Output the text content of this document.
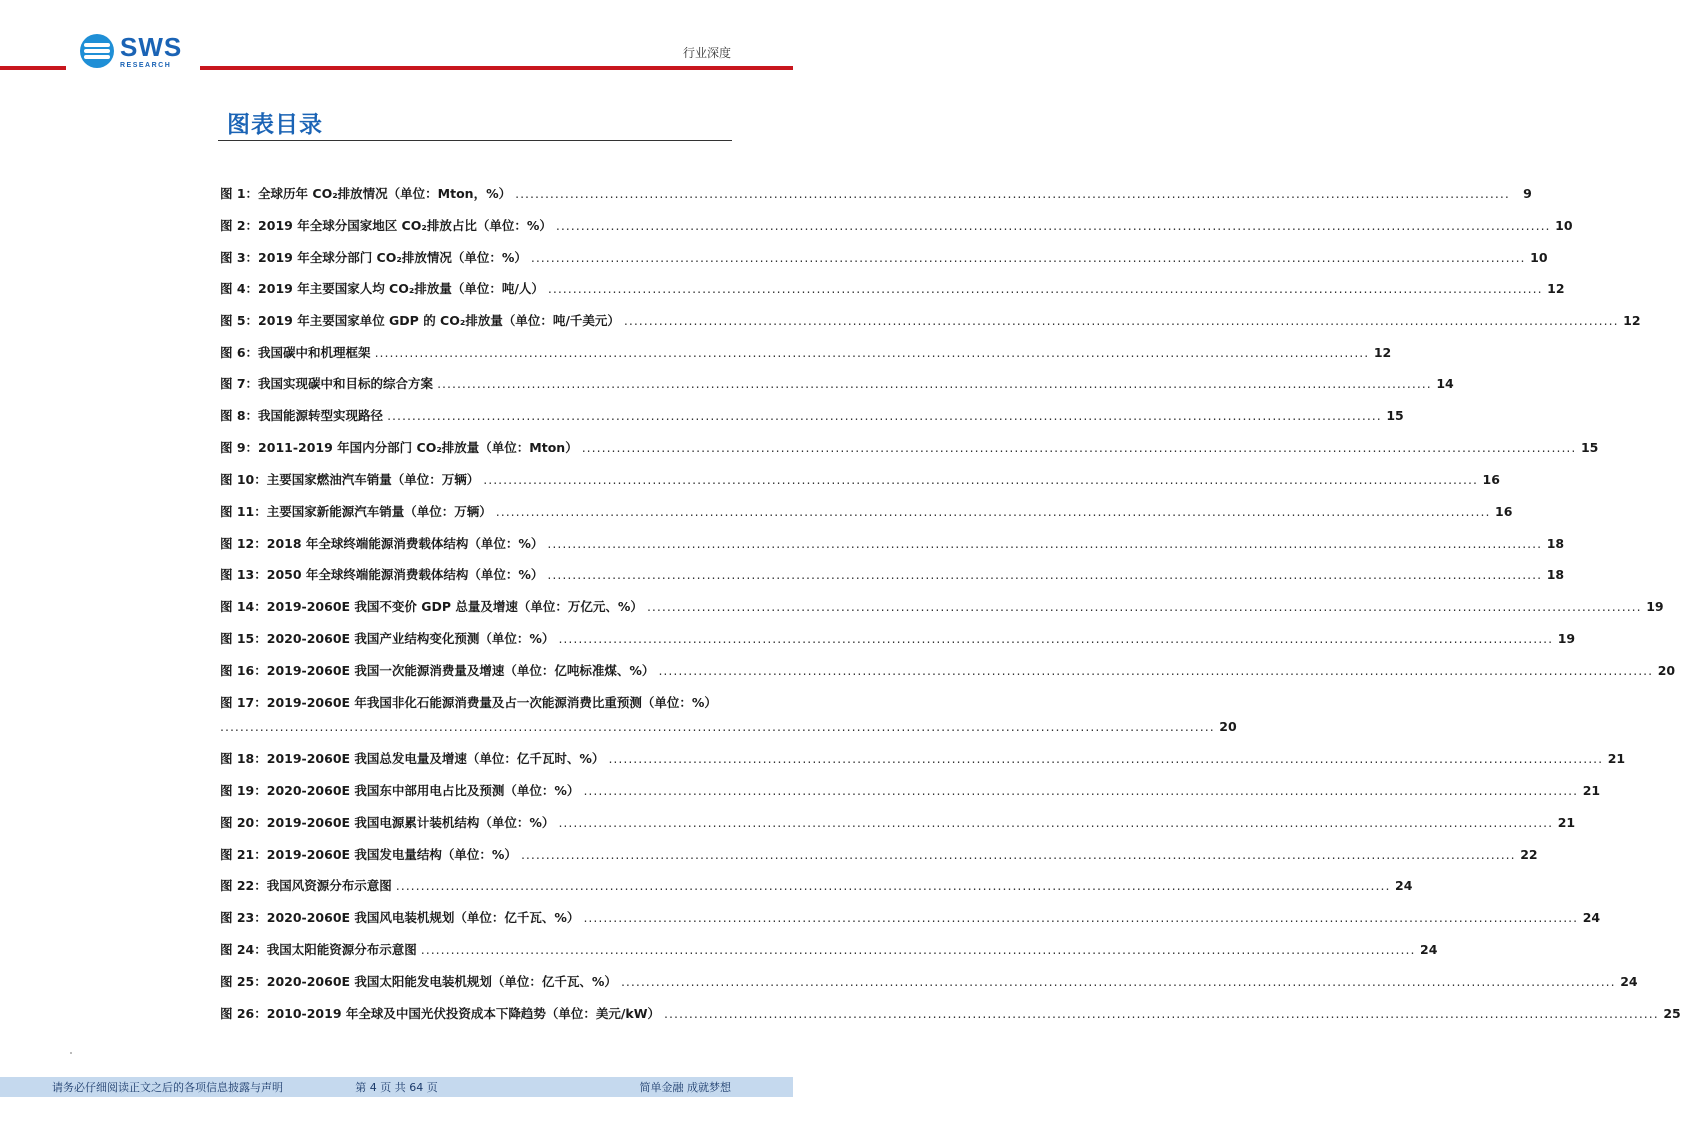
SWS
RESEARCH
行业深度
图表目录
图 1：全球历年 CO₂排放情况（单位：Mton，%） ........................................................................................................................................................................................................	9
图 2：2019 年全球分国家地区 CO₂排放占比（单位：%） ........................................................................................................................................................................................................ 10
图 3：2019 年全球分部门 CO₂排放情况（单位：%） ........................................................................................................................................................................................................ 10
图 4：2019 年主要国家人均 CO₂排放量（单位：吨/人） ........................................................................................................................................................................................................ 12
图 5：2019 年主要国家单位 GDP 的 CO₂排放量（单位：吨/千美元） ........................................................................................................................................................................................................ 12
图 6：我国碳中和机理框架 ........................................................................................................................................................................................................ 12
图 7：我国实现碳中和目标的综合方案 ........................................................................................................................................................................................................ 14
图 8：我国能源转型实现路径 ........................................................................................................................................................................................................ 15
图 9：2011-2019 年国内分部门 CO₂排放量（单位：Mton） ........................................................................................................................................................................................................ 15
图 10：主要国家燃油汽车销量（单位：万辆） ........................................................................................................................................................................................................ 16
图 11：主要国家新能源汽车销量（单位：万辆） ........................................................................................................................................................................................................ 16
图 12：2018 年全球终端能源消费载体结构（单位：%） ........................................................................................................................................................................................................ 18
图 13：2050 年全球终端能源消费载体结构（单位：%） ........................................................................................................................................................................................................ 18
图 14：2019-2060E 我国不变价 GDP 总量及增速（单位：万亿元、%） ........................................................................................................................................................................................................ 19
图 15：2020-2060E 我国产业结构变化预测（单位：%） ........................................................................................................................................................................................................ 19
图 16：2019-2060E 我国一次能源消费量及增速（单位：亿吨标准煤、%） ........................................................................................................................................................................................................ 20
图 17：2019-2060E 年我国非化石能源消费量及占一次能源消费比重预测（单位：%）
........................................................................................................................................................................................................ 20
图 18：2019-2060E 我国总发电量及增速（单位：亿千瓦时、%） ........................................................................................................................................................................................................ 21
图 19：2020-2060E 我国东中部用电占比及预测（单位：%） ........................................................................................................................................................................................................ 21
图 20：2019-2060E 我国电源累计装机结构（单位：%） ........................................................................................................................................................................................................ 21
图 21：2019-2060E 我国发电量结构（单位：%） ........................................................................................................................................................................................................ 22
图 22：我国风资源分布示意图 ........................................................................................................................................................................................................ 24
图 23：2020-2060E 我国风电装机规划（单位：亿千瓦、%） ........................................................................................................................................................................................................ 24
图 24：我国太阳能资源分布示意图 ........................................................................................................................................................................................................ 24
图 25：2020-2060E 我国太阳能发电装机规划（单位：亿千瓦、%） ........................................................................................................................................................................................................ 24
图 26：2010-2019 年全球及中国光伏投资成本下降趋势（单位：美元/kW） ........................................................................................................................................................................................................ 25
请务必仔细阅读正文之后的各项信息披露与声明	第 4 页 共 64 页	简单金融 成就梦想
